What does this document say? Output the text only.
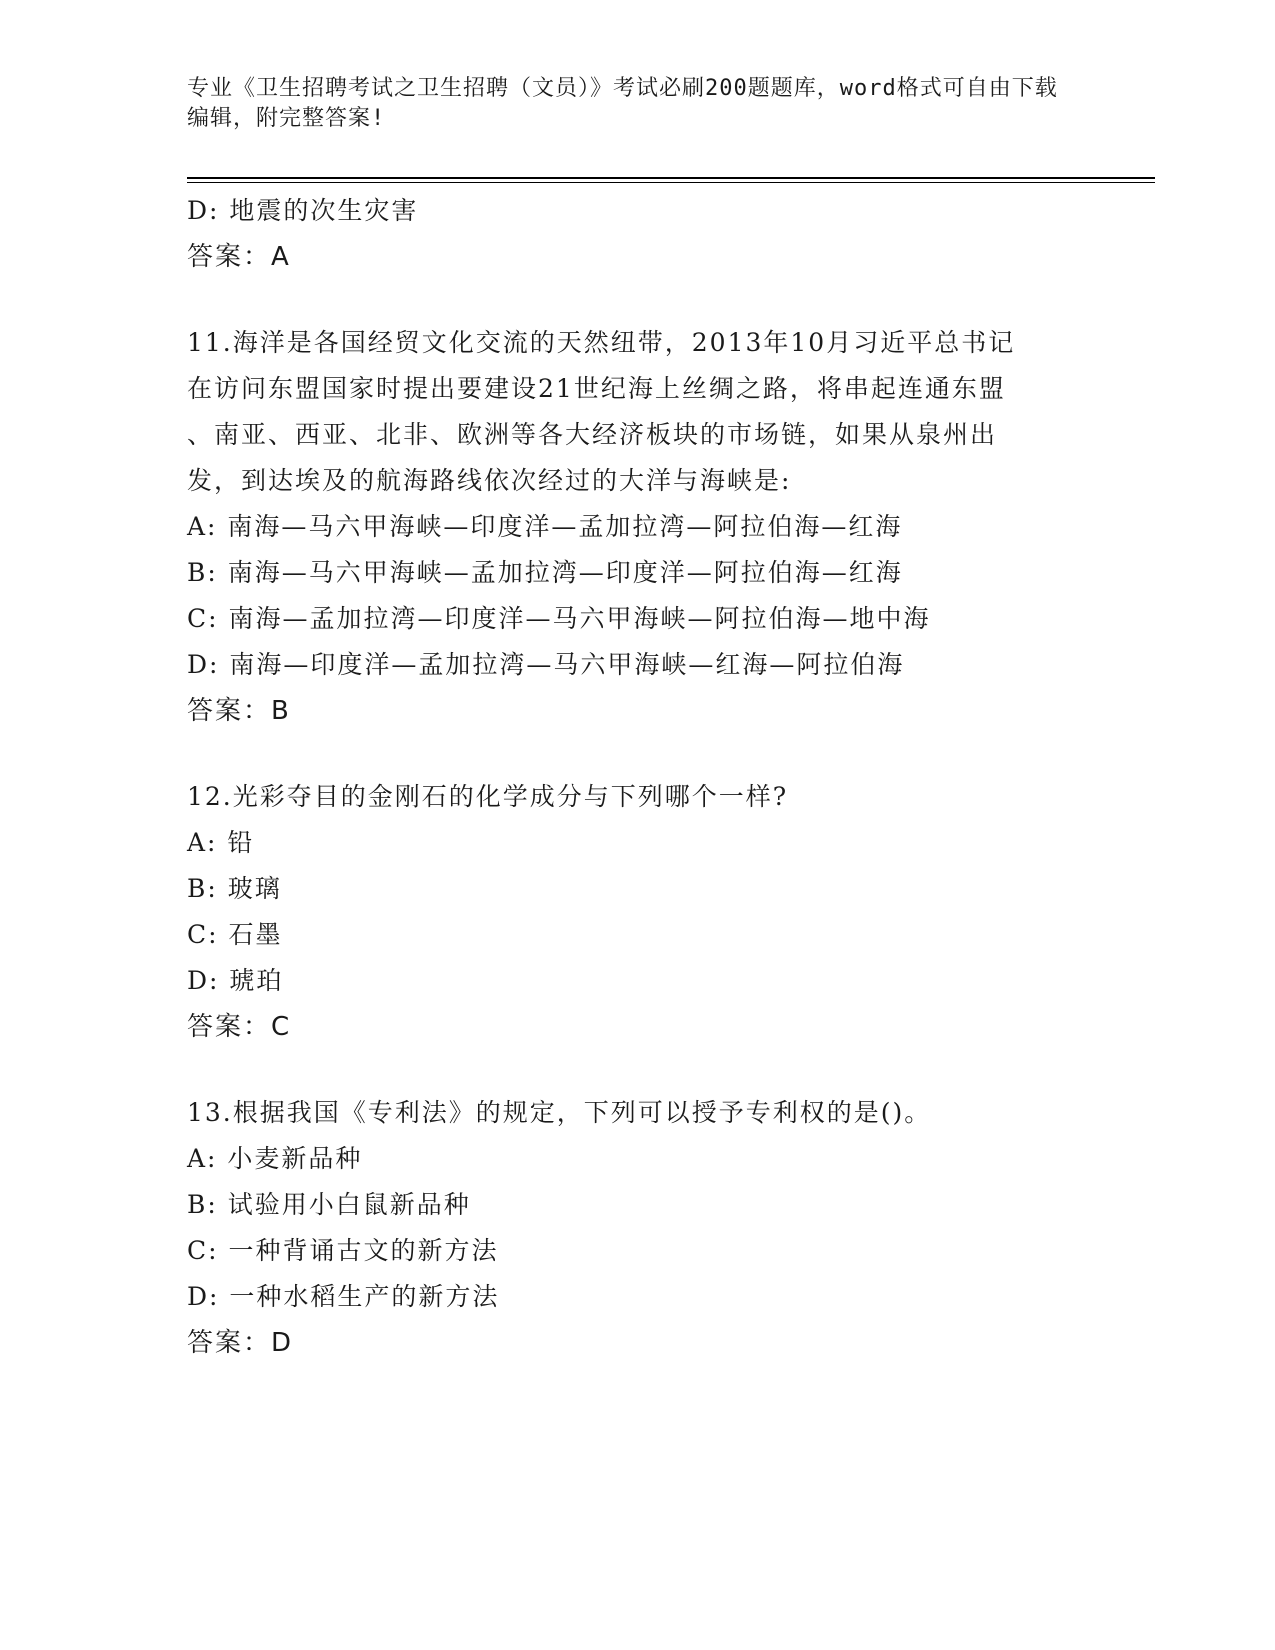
专业《卫生招聘考试之卫生招聘（文员）》考试必刷200题题库，word格式可自由下载编辑，附完整答案!
D: 地震的次生灾害
答案：A
11.海洋是各国经贸文化交流的天然纽带，2013年10月习近平总书记
在访问东盟国家时提出要建设21世纪海上丝绸之路，将串起连通东盟
、南亚、西亚、北非、欧洲等各大经济板块的市场链，如果从泉州出
发，到达埃及的航海路线依次经过的大洋与海峡是:
A: 南海—马六甲海峡—印度洋—孟加拉湾—阿拉伯海—红海
B: 南海—马六甲海峡—孟加拉湾—印度洋—阿拉伯海—红海
C: 南海—孟加拉湾—印度洋—马六甲海峡—阿拉伯海—地中海
D: 南海—印度洋—孟加拉湾—马六甲海峡—红海—阿拉伯海
答案：B
12.光彩夺目的金刚石的化学成分与下列哪个一样?
A: 铅
B: 玻璃
C: 石墨
D: 琥珀
答案：C
13.根据我国《专利法》的规定，下列可以授予专利权的是()。
A: 小麦新品种
B: 试验用小白鼠新品种
C: 一种背诵古文的新方法
D: 一种水稻生产的新方法
答案：D
